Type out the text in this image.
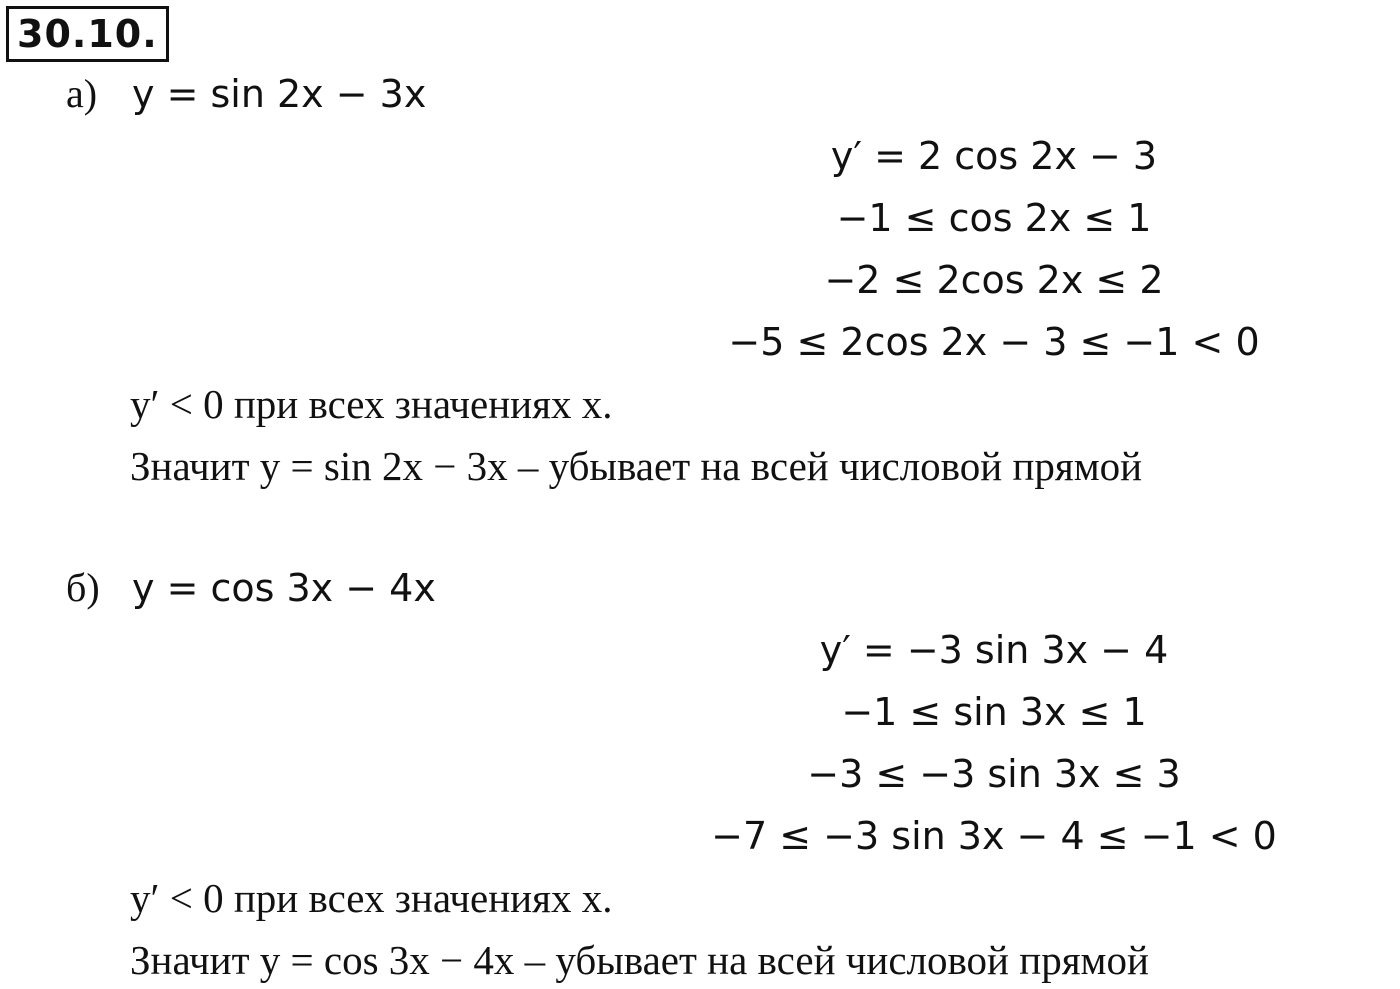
30.10.
а) y = sin 2x − 3x
y′ = 2 cos 2x − 3
−1 ≤ cos 2x ≤ 1
−2 ≤ 2cos 2x ≤ 2
−5 ≤ 2cos 2x − 3 ≤ −1 < 0
y′ < 0 при всех значениях x.
Значит y = sin 2x − 3x – убывает на всей числовой прямой
б) y = cos 3x − 4x
y′ = −3 sin 3x − 4
−1 ≤ sin 3x ≤ 1
−3 ≤ −3 sin 3x ≤ 3
−7 ≤ −3 sin 3x − 4 ≤ −1 < 0
y′ < 0 при всех значениях x.
Значит y = cos 3x − 4x – убывает на всей числовой прямой
